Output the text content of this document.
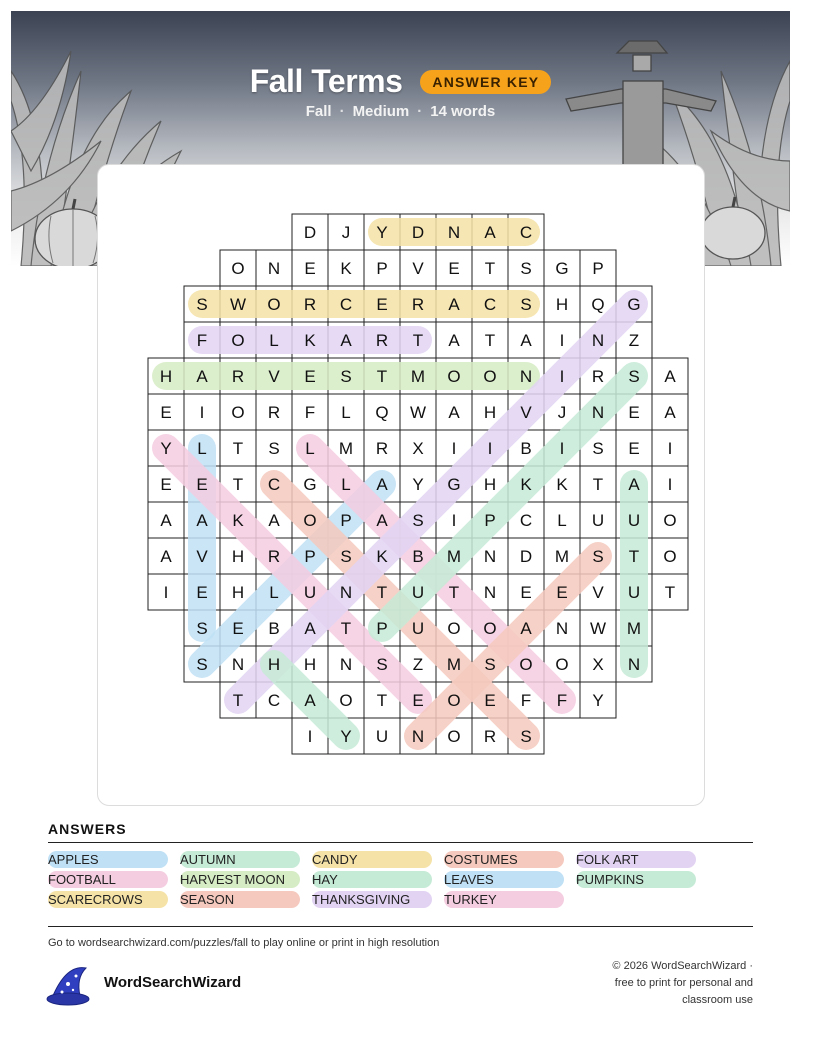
Fall Terms	ANSWER KEY
Fall · Medium · 14 words
D J Y D N A C
O N E K P V E T S G P
S W O R C E R A C S H Q G
F O L K A R T A T A I N Z
H A R V E S T M O O N I R S A
E I O R F L Q W A H V J N E A
Y L T S L M R X I I B I S E I
E E T C G L A Y G H K K T A I
A A K A O P A S I P C L U U O
A V H R P S K B M N D M S T O
I E H L U N T U T N E E V U T
S E B A T P U O O A N W M
S N H H N S Z M S O O X N
T C A O T E O E F F Y
I Y U N O R S
ANSWERS
APPLES	AUTUMN	CANDY	COSTUMES	FOLK ART
FOOTBALL	HARVEST MOON	HAY	LEAVES	PUMPKINS
SCARECROWS	SEASON	THANKSGIVING	TURKEY
Go to wordsearchwizard.com/puzzles/fall to play online or print in high resolution
WordSearchWizard
© 2026 WordSearchWizard ·
free to print for personal and
classroom use
